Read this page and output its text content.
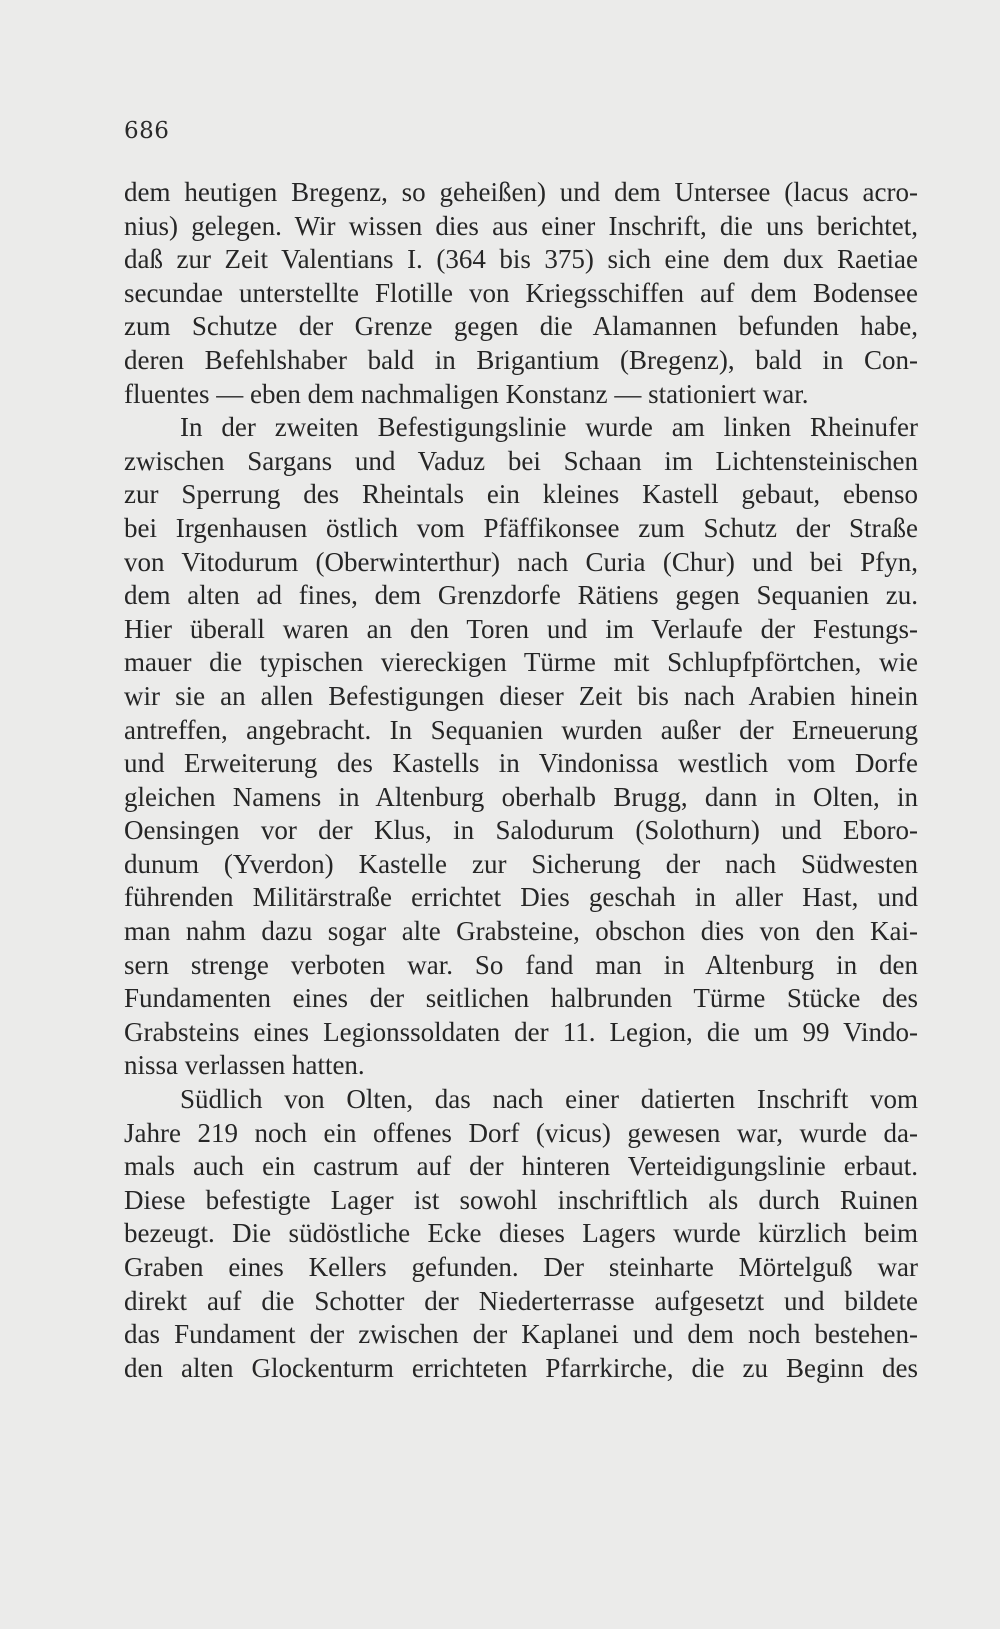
686
dem heutigen Bregenz, so geheißen) und dem Untersee (lacus acro-
nius) gelegen. Wir wissen dies aus einer Inschrift, die uns berichtet,
daß zur Zeit Valentians I. (364 bis 375) sich eine dem dux Raetiae
secundae unterstellte Flotille von Kriegsschiffen auf dem Bodensee
zum Schutze der Grenze gegen die Alamannen befunden habe,
deren Befehlshaber bald in Brigantium (Bregenz), bald in Con-
fluentes — eben dem nachmaligen Konstanz — stationiert war.
In der zweiten Befestigungslinie wurde am linken Rheinufer
zwischen Sargans und Vaduz bei Schaan im Lichtensteinischen
zur Sperrung des Rheintals ein kleines Kastell gebaut, ebenso
bei Irgenhausen östlich vom Pfäffikonsee zum Schutz der Straße
von Vitodurum (Oberwinterthur) nach Curia (Chur) und bei Pfyn,
dem alten ad fines, dem Grenzdorfe Rätiens gegen Sequanien zu.
Hier überall waren an den Toren und im Verlaufe der Festungs-
mauer die typischen viereckigen Türme mit Schlupfpförtchen, wie
wir sie an allen Befestigungen dieser Zeit bis nach Arabien hinein
antreffen, angebracht. In Sequanien wurden außer der Erneuerung
und Erweiterung des Kastells in Vindonissa westlich vom Dorfe
gleichen Namens in Altenburg oberhalb Brugg, dann in Olten, in
Oensingen vor der Klus, in Salodurum (Solothurn) und Eboro-
dunum (Yverdon) Kastelle zur Sicherung der nach Südwesten
führenden Militärstraße errichtet Dies geschah in aller Hast, und
man nahm dazu sogar alte Grabsteine, obschon dies von den Kai-
sern strenge verboten war. So fand man in Altenburg in den
Fundamenten eines der seitlichen halbrunden Türme Stücke des
Grabsteins eines Legionssoldaten der 11. Legion, die um 99 Vindo-
nissa verlassen hatten.
Südlich von Olten, das nach einer datierten Inschrift vom
Jahre 219 noch ein offenes Dorf (vicus) gewesen war, wurde da-
mals auch ein castrum auf der hinteren Verteidigungslinie erbaut.
Diese befestigte Lager ist sowohl inschriftlich als durch Ruinen
bezeugt. Die südöstliche Ecke dieses Lagers wurde kürzlich beim
Graben eines Kellers gefunden. Der steinharte Mörtelguß war
direkt auf die Schotter der Niederterrasse aufgesetzt und bildete
das Fundament der zwischen der Kaplanei und dem noch bestehen-
den alten Glockenturm errichteten Pfarrkirche, die zu Beginn des
